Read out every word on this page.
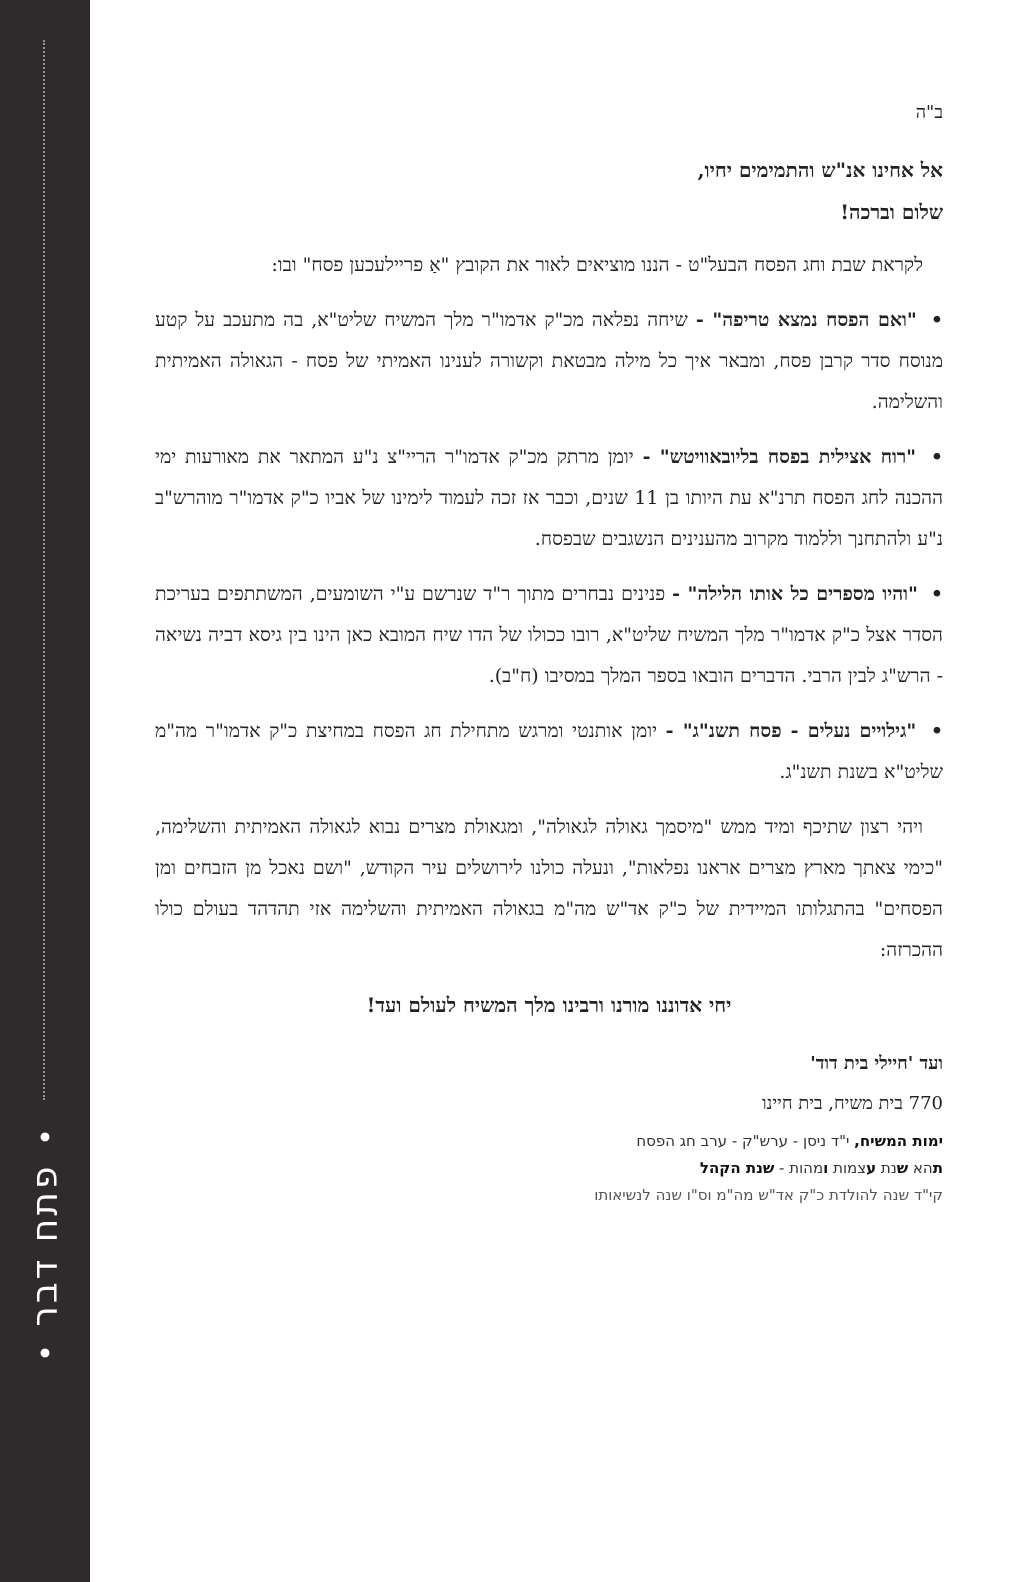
פתח דבר
ב"ה
אל אחינו אנ"ש והתמימים יחיו,
שלום וברכה!

לקראת שבת וחג הפסח הבעל"ט - הננו מוציאים לאור את הקובץ "אַ פריילעכען פסח" ובו:

• "ואם הפסח נמצא טריפה" - שיחה נפלאה מכ"ק אדמו"ר מלך המשיח שליט"א, בה מתעכב על קטע מנוסח סדר קרבן פסח, ומבאר איך כל מילה מבטאת וקשורה לענינו האמיתי של פסח - הגאולה האמיתית והשלימה.

• "רוח אצילית בפסח בליובאוויטש" - יומן מרתק מכ"ק אדמו"ר הריי"צ נ"ע המתאר את מאורעות ימי ההכנה לחג הפסח תרנ"א עת היותו בן 11 שנים, וכבר אז זכה לעמוד לימינו של אביו כ"ק אדמו"ר מוהרש"ב נ"ע ולהתחנך וללמוד מקרוב מהענינים הנשגבים שבפסח.

• "והיו מספרים כל אותו הלילה" - פנינים נבחרים מתוך ר"ד שנרשם ע"י השומעים, המשתתפים בעריכת הסדר אצל כ"ק אדמו"ר מלך המשיח שליט"א, רובו ככולו של הדו שיח המובא כאן הינו בין גיסא דביה נשיאה - הרש"ג לבין הרבי. הדברים הובאו בספר המלך במסיבו (ח"ב).

• "גילויים נעלים - פסח תשנ"ג" - יומן אותנטי ומרגש מתחילת חג הפסח במחיצת כ"ק אדמו"ר מה"מ שליט"א בשנת תשנ"ג.

ויהי רצון שתיכף ומיד ממש "מיסמך גאולה לגאולה", ומגאולת מצרים נבוא לגאולה האמיתית והשלימה, "כימי צאתך מארץ מצרים אראנו נפלאות", ונעלה כולנו לירושלים עיר הקודש, "ושם נאכל מן הזבחים ומן הפסחים" בהתגלותו המיידית של כ"ק אד"ש מה"מ בגאולה האמיתית והשלימה אזי תהדהד בעולם כולו ההכרזה:

יחי אדוננו מורנו ורבינו מלך המשיח לעולם ועד!
ועד 'חיילי בית דוד'
770 בית משיח, בית חיינו
ימות המשיח, י"ד ניסן - ערש"ק - ערב חג הפסח
תהא שנת עצמות ומהות - שנת הקהל
קי"ד שנה להולדת כ"ק אד"ש מה"מ וס"ו שנה לנשיאותו
